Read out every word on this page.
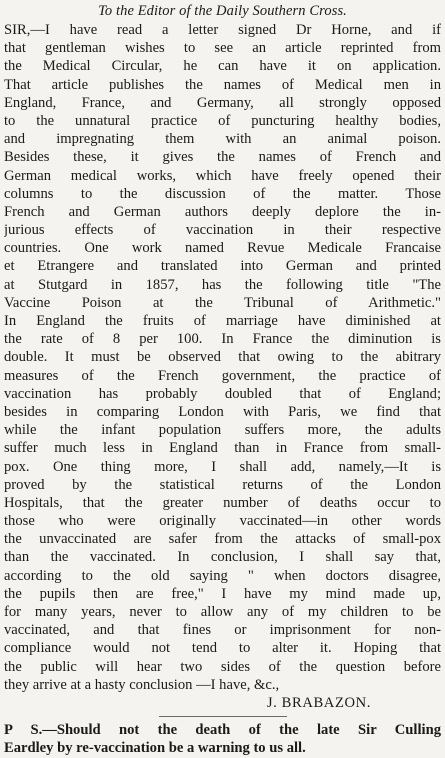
To the Editor of the Daily Southern Cross.
SIR,—I have read a letter signed Dr Horne, and if
that gentleman wishes to see an article reprinted from
the Medical Circular, he can have it on application.
That article publishes the names of Medical men in
England, France, and Germany, all strongly opposed
to the unnatural practice of puncturing healthy bodies,
and impregnating them with an animal poison.
Besides these, it gives the names of French and
German medical works, which have freely opened their
columns to the discussion of the matter. Those
French and German authors deeply deplore the in-
jurious effects of vaccination in their respective
countries. One work named Revue Medicale Francaise
et Etrangere and translated into German and printed
at Stutgard in 1857, has the following title "The
Vaccine Poison at the Tribunal of Arithmetic."
In England the fruits of marriage have diminished at
the rate of 8 per 100. In France the diminution is
double. It must be observed that owing to the abitrary
measures of the French government, the practice of
vaccination has probably doubled that of England;
besides in comparing London with Paris, we find that
while the infant population suffers more, the adults
suffer much less in England than in France from small-
pox. One thing more, I shall add, namely,—It is
proved by the statistical returns of the London
Hospitals, that the greater number of deaths occur to
those who were originally vaccinated—in other words
the unvaccinated are safer from the attacks of small-pox
than the vaccinated. In conclusion, I shall say that,
according to the old saying " when doctors disagree,
the pupils then are free," I have my mind made up,
for many years, never to allow any of my children to be
vaccinated, and that fines or imprisonment for non-
compliance would not tend to alter it. Hoping that
the public will hear two sides of the question before
they arrive at a hasty conclusion —I have, &c.,
J. BRABAZON.
P S.—Should not the death of the late Sir Culling
Eardley by re-vaccination be a warning to us all.
